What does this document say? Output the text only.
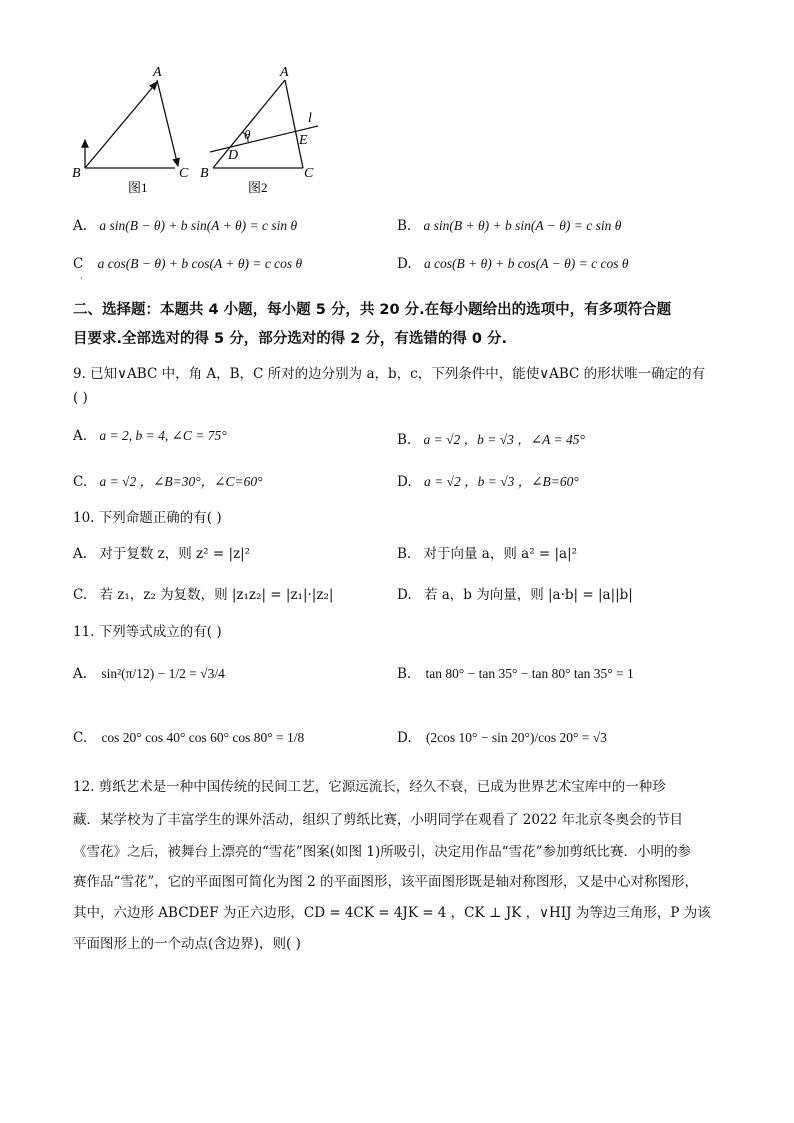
A
B	C
图1
A
B	C
D
E
l
θ
图2
A. a sin(B − θ) + b sin(A + θ) = c sin θ	B. a sin(B + θ) + b sin(A − θ) = c sin θ
C a cos(B − θ) + b cos(A + θ) = c cos θ	D. a cos(B + θ) + b cos(A − θ) = c cos θ
·
二、选择题：本题共 4 小题，每小题 5 分，共 20 分.在每小题给出的选项中，有多项符合题
目要求.全部选对的得 5 分，部分选对的得 2 分，有选错的得 0 分.
9. 已知∨ABC 中，角 A，B，C 所对的边分别为 a，b，c，下列条件中，能使∨ABC 的形状唯一确定的有
( )
A. a = 2, b = 4, ∠C = 75°	B. a = √2 ，b = √3 ，∠A = 45°
C. a = √2 ，∠B=30°，∠C=60°	D. a = √2 ，b = √3 ，∠B=60°
10. 下列命题正确的有( )
A. 对于复数 z，则 z² = |z|²	B. 对于向量 a，则 a² = |a|²
C. 若 z₁，z₂ 为复数，则 |z₁z₂| = |z₁|·|z₂|	D. 若 a，b 为向量，则 |a·b| = |a||b|
11. 下列等式成立的有( )
A. sin²(π/12) − 1/2 = √3/4	B. tan 80° − tan 35° − tan 80° tan 35° = 1
C. cos 20° cos 40° cos 60° cos 80° = 1/8	D. (2cos 10° − sin 20°)/cos 20° = √3
12. 剪纸艺术是一种中国传统的民间工艺，它源远流长，经久不衰，已成为世界艺术宝库中的一种珍
藏．某学校为了丰富学生的课外活动，组织了剪纸比赛，小明同学在观看了 2022 年北京冬奥会的节目
《雪花》之后，被舞台上漂亮的“雪花”图案(如图 1)所吸引，决定用作品“雪花”参加剪纸比赛．小明的参
赛作品“雪花”，它的平面图可简化为图 2 的平面图形，该平面图形既是轴对称图形，又是中心对称图形，
其中，六边形 ABCDEF 为正六边形，CD = 4CK = 4JK = 4 ，CK ⊥ JK ，∨HIJ 为等边三角形，P 为该
平面图形上的一个动点(含边界)，则( )
